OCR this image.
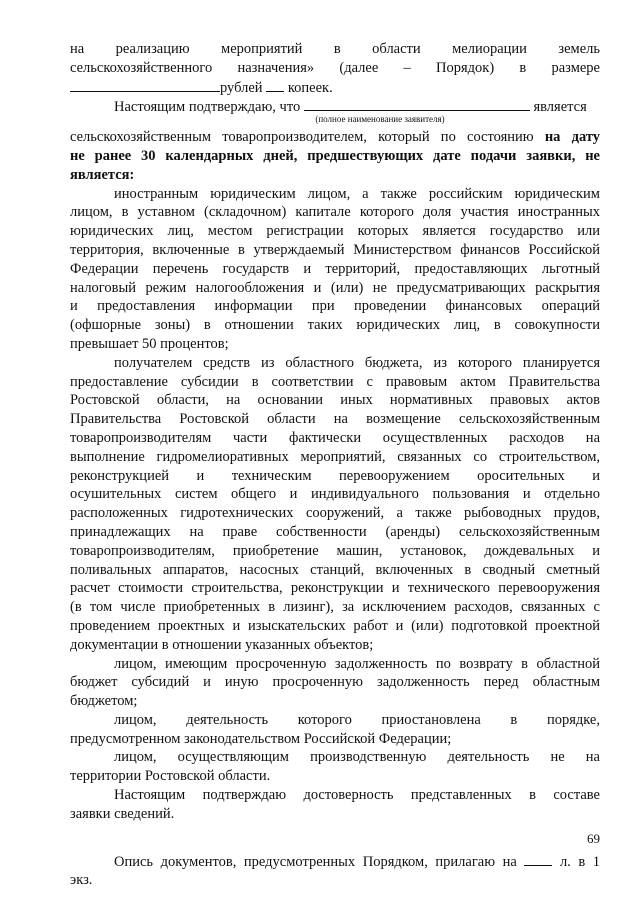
на реализацию мероприятий в области мелиорации земель

сельскохозяйственного назначения» (далее – Порядок) в размере

рублей копеек.

Настоящим подтверждаю, что	является

(полное наименование заявителя)

сельскохозяйственным товаропроизводителем, который по состоянию на дату

не ранее 30 календарных дней, предшествующих дате подачи заявки, не

является:

иностранным юридическим лицом, а также российским юридическим

лицом, в уставном (складочном) капитале которого доля участия иностранных

юридических лиц, местом регистрации которых является государство или

территория, включенные в утверждаемый Министерством финансов Российской

Федерации перечень государств и территорий, предоставляющих льготный

налоговый режим налогообложения и (или) не предусматривающих раскрытия

и предоставления информации при проведении финансовых операций

(офшорные зоны) в отношении таких юридических лиц, в совокупности

превышает 50 процентов;

получателем средств из областного бюджета, из которого планируется

предоставление субсидии в соответствии с правовым актом Правительства

Ростовской области, на основании иных нормативных правовых актов

Правительства Ростовской области на возмещение сельскохозяйственным

товаропроизводителям части фактически осуществленных расходов на

выполнение гидромелиоративных мероприятий, связанных со строительством,

реконструкцией и техническим перевооружением оросительных и

осушительных систем общего и индивидуального пользования и отдельно

расположенных гидротехнических сооружений, а также рыбоводных прудов,

принадлежащих на праве собственности (аренды) сельскохозяйственным

товаропроизводителям, приобретение машин, установок, дождевальных и

поливальных аппаратов, насосных станций, включенных в сводный сметный

расчет стоимости строительства, реконструкции и технического перевооружения

(в том числе приобретенных в лизинг), за исключением расходов, связанных с

проведением проектных и изыскательских работ и (или) подготовкой проектной

документации в отношении указанных объектов;

лицом, имеющим просроченную задолженность по возврату в областной

бюджет субсидий и иную просроченную задолженность перед областным

бюджетом;

лицом, деятельность которого приостановлена в порядке,

предусмотренном законодательством Российской Федерации;

лицом, осуществляющим производственную деятельность не на

территории Ростовской области.

Настоящим подтверждаю достоверность представленных в составе

заявки сведений.

Опись документов, предусмотренных Порядком, прилагаю на	л. в 1

экз.

69
